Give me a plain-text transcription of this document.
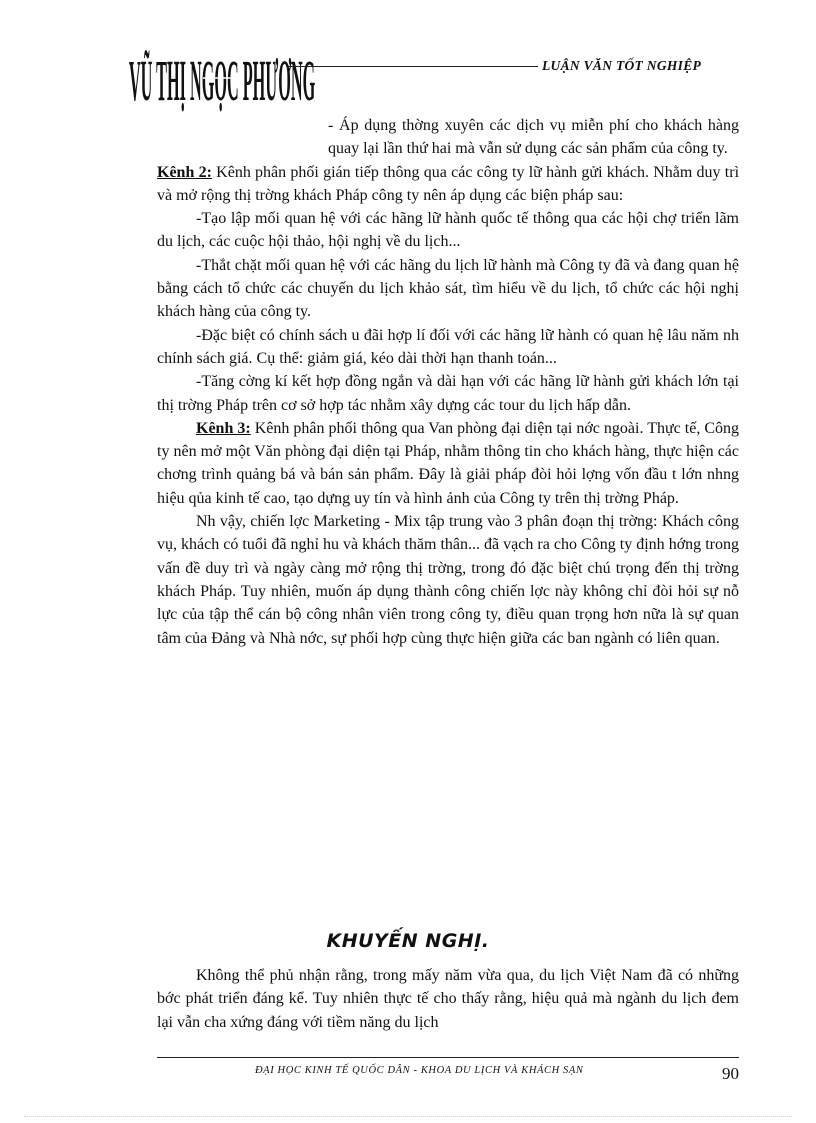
VŨ THỊ NGỌC PHƯƠNG	LUẬN VĂN TỐT NGHIỆP

- Áp dụng thờng xuyên các dịch vụ miễn phí cho khách hàng quay lại lần thứ hai mà vẫn sử dụng các sản phẩm của công ty.

Kênh 2: Kênh phân phối gián tiếp thông qua các công ty lữ hành gửi khách. Nhằm duy trì và mở rộng thị trờng khách Pháp công ty nên áp dụng các biện pháp sau:

-Tạo lập mối quan hệ với các hãng lữ hành quốc tế thông qua các hội chợ triển lãm du lịch, các cuộc hội thảo, hội nghị về du lịch...

-Thắt chặt mối quan hệ với các hãng du lịch lữ hành mà Công ty đã và đang quan hệ bằng cách tổ chức các chuyến du lịch khảo sát, tìm hiểu về du lịch, tổ chức các hội nghị khách hàng của công ty.

-Đặc biệt có chính sách u đãi hợp lí đối với các hãng lữ hành có quan hệ lâu năm nh chính sách giá. Cụ thể: giảm giá, kéo dài thời hạn thanh toán...

-Tăng cờng kí kết hợp đồng ngắn và dài hạn với các hãng lữ hành gửi khách lớn tại thị trờng Pháp trên cơ sở hợp tác nhằm xây dựng các tour du lịch hấp dẫn.

Kênh 3: Kênh phân phối thông qua Van phòng đại diện tại nớc ngoài. Thực tế, Công ty nên mở một Văn phòng đại diện tại Pháp, nhằm thông tin cho khách hàng, thực hiện các chơng trình quảng bá và bán sản phẩm. Đây là giải pháp đòi hỏi lợng vốn đầu t lớn nhng hiệu qủa kinh tế cao, tạo dựng uy tín và hình ảnh của Công ty trên thị trờng Pháp.

Nh vậy, chiến lợc Marketing - Mix tập trung vào 3 phân đoạn thị trờng: Khách công vụ, khách có tuổi đã nghỉ hu và khách thăm thân... đã vạch ra cho Công ty định hớng trong vấn đề duy trì và ngày càng mở rộng thị trờng, trong đó đặc biệt chú trọng đến thị trờng khách Pháp. Tuy nhiên, muốn áp dụng thành công chiến lợc này không chỉ đòi hỏi sự nỗ lực của tập thể cán bộ công nhân viên trong công ty, điều quan trọng hơn nữa là sự quan tâm của Đảng và Nhà nớc, sự phối hợp cùng thực hiện giữa các ban ngành có liên quan.

KHUYẾN NGHỊ.
Không thể phủ nhận rằng, trong mấy năm vừa qua, du lịch Việt Nam đã có những bớc phát triển đáng kể. Tuy nhiên thực tế cho thấy rằng, hiệu quả mà ngành du lịch đem lại vẫn cha xứng đáng với tiềm năng du lịch
ĐẠI HỌC KINH TẾ QUỐC DÂN - KHOA DU LỊCH VÀ KHÁCH SẠN	90
